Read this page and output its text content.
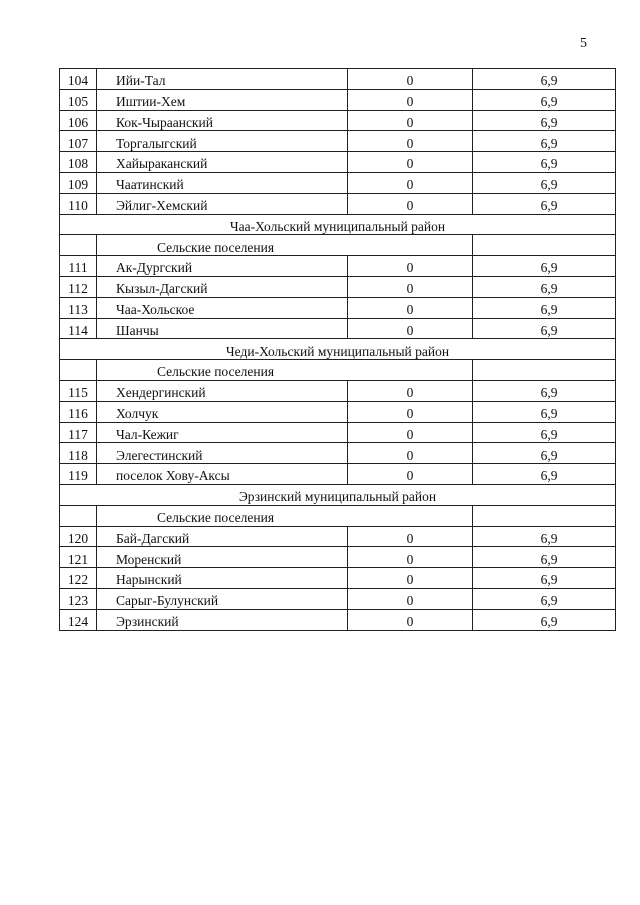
5
104	Ийи-Тал	0	6,9
105	Иштии-Хем	0	6,9
106	Кок-Чыраанский	0	6,9
107	Торгалыгский	0	6,9
108	Хайыраканский	0	6,9
109	Чаатинский	0	6,9
110	Эйлиг-Хемский	0	6,9
Чаа-Хольский муниципальный район			
	Сельские поселения		
111	Ак-Дургский	0	6,9
112	Кызыл-Дагский	0	6,9
113	Чаа-Хольское	0	6,9
114	Шанчы	0	6,9
Чеди-Хольский муниципальный район			
	Сельские поселения		
115	Хендергинский	0	6,9
116	Холчук	0	6,9
117	Чал-Кежиг	0	6,9
118	Элегестинский	0	6,9
119	поселок Хову-Аксы	0	6,9
Эрзинский муниципальный район			
	Сельские поселения		
120	Бай-Дагский	0	6,9
121	Моренский	0	6,9
122	Нарынский	0	6,9
123	Сарыг-Булунский	0	6,9
124	Эрзинский	0	6,9
